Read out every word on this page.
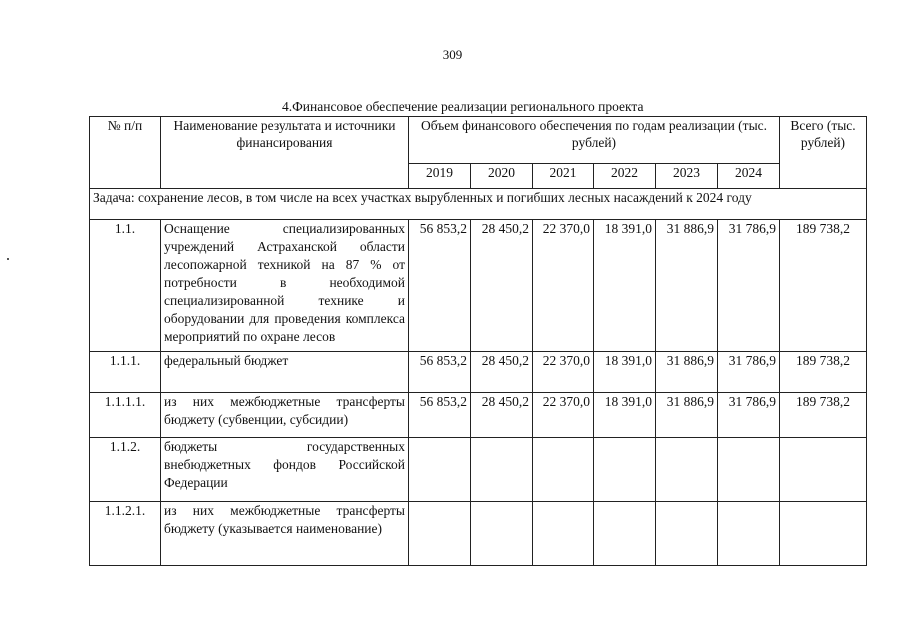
309
4.Финансовое обеспечение реализации регионального проекта
№ п/п	Наименование результата и источники финансирования	Объем финансового обеспечения по годам реализации (тыс. рублей)						Всего (тыс. рублей)
		2019	2020	2021	2022	2023	2024	
Задача: сохранение лесов, в том числе на всех участках вырубленных и погибших лесных насаждений к 2024 году								
1.1.	Оснащение специализированных учреждений Астраханской области лесопожарной техникой на 87 % от потребности в необходимой специализированной технике и оборудовании для проведения комплекса мероприятий по охране лесов	56 853,2	28 450,2	22 370,0	18 391,0	31 886,9	31 786,9	189 738,2
1.1.1.	федеральный бюджет	56 853,2	28 450,2	22 370,0	18 391,0	31 886,9	31 786,9	189 738,2
1.1.1.1.	из них межбюджетные трансферты бюджету (субвенции, субсидии)	56 853,2	28 450,2	22 370,0	18 391,0	31 886,9	31 786,9	189 738,2
1.1.2.	бюджеты государственных внебюджетных фондов Российской Федерации							
1.1.2.1.	из них межбюджетные трансферты бюджету (указывается наименование)							
